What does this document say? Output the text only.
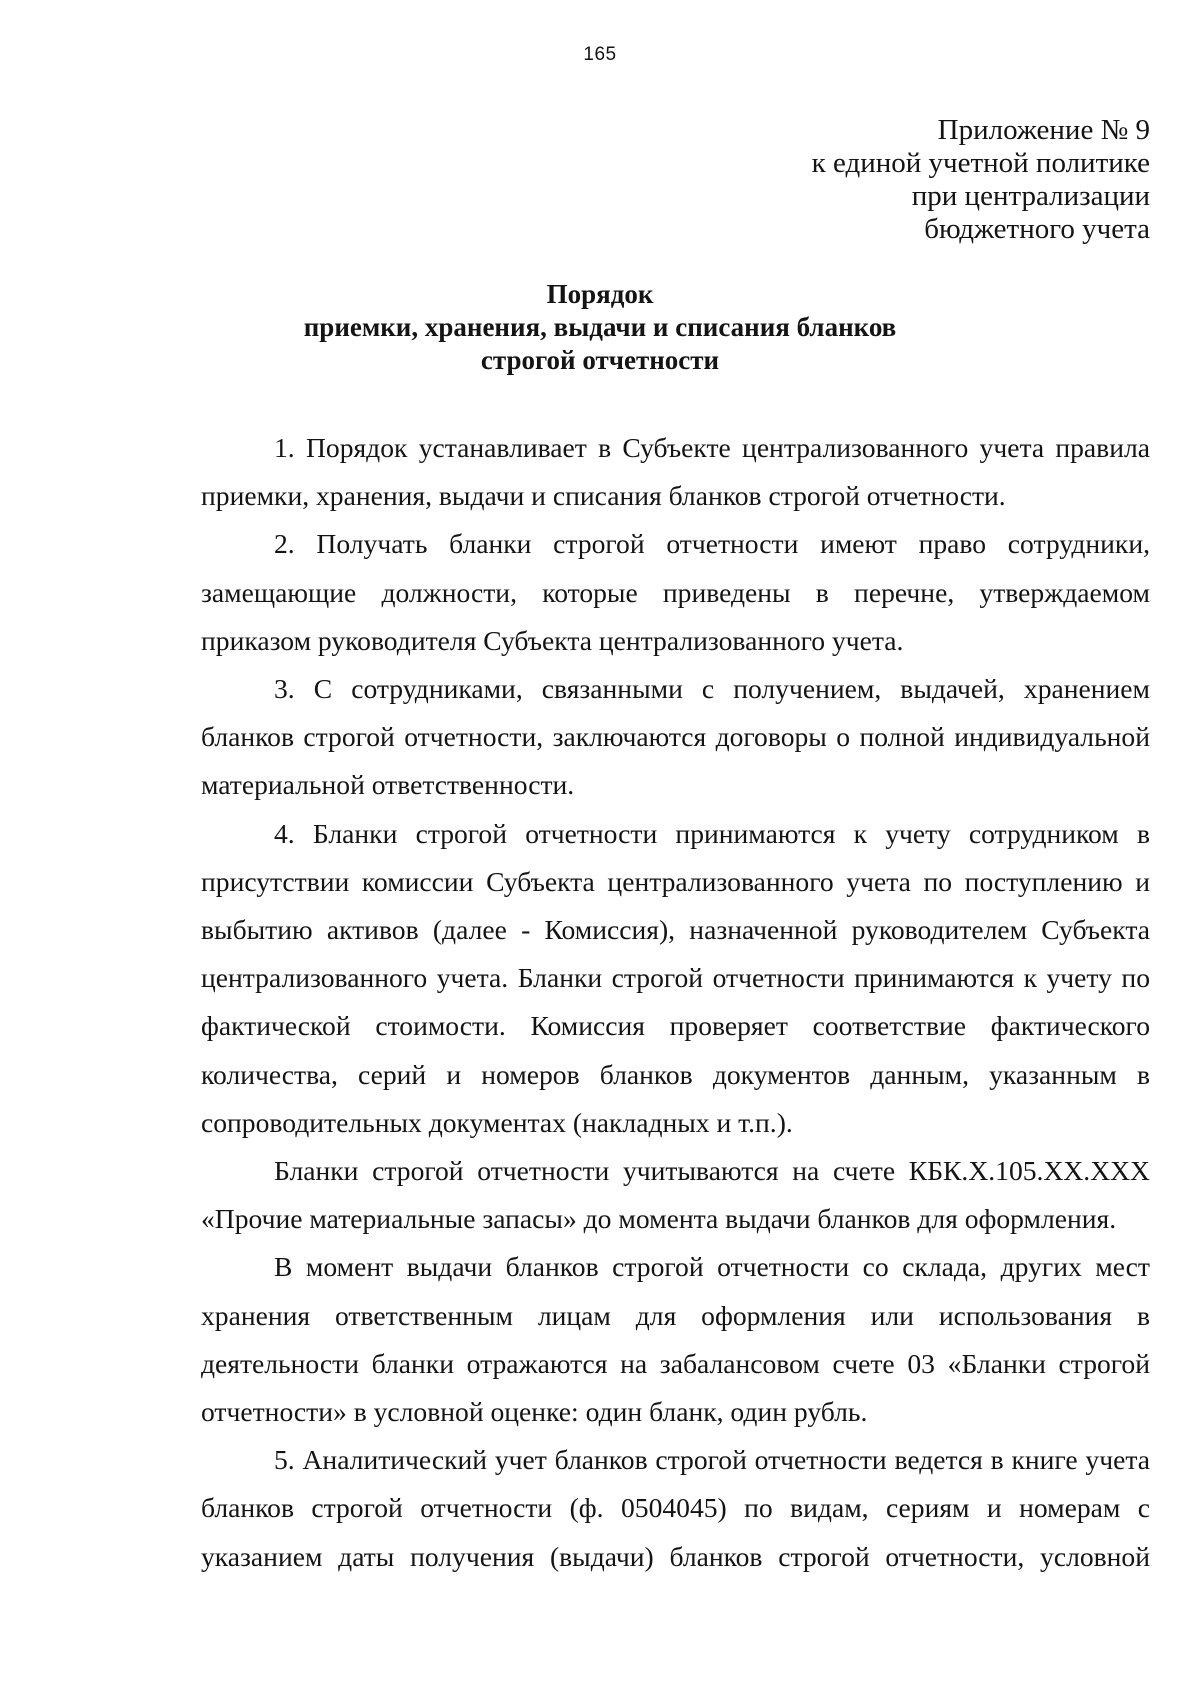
165
Приложение № 9
к единой учетной политике
при централизации
бюджетного учета
Порядок
приемки, хранения, выдачи и списания бланков
строгой отчетности

1. Порядок устанавливает в Субъекте централизованного учета правила приемки, хранения, выдачи и списания бланков строгой отчетности.

2. Получать бланки строгой отчетности имеют право сотрудники, замещающие должности, которые приведены в перечне, утверждаемом приказом руководителя Субъекта централизованного учета.

3. С сотрудниками, связанными с получением, выдачей, хранением бланков строгой отчетности, заключаются договоры о полной индивидуальной материальной ответственности.

4. Бланки строгой отчетности принимаются к учету сотрудником в присутствии комиссии Субъекта централизованного учета по поступлению и выбытию активов (далее - Комиссия), назначенной руководителем Субъекта централизованного учета. Бланки строгой отчетности принимаются к учету по фактической стоимости. Комиссия проверяет соответствие фактического количества, серий и номеров бланков документов данным, указанным в сопроводительных документах (накладных и т.п.).

Бланки строгой отчетности учитываются на счете КБК.Х.105.ХХ.ХХХ «Прочие материальные запасы» до момента выдачи бланков для оформления.

В момент выдачи бланков строгой отчетности со склада, других мест хранения ответственным лицам для оформления или использования в деятельности бланки отражаются на забалансовом счете 03 «Бланки строгой отчетности» в условной оценке: один бланк, один рубль.

5. Аналитический учет бланков строгой отчетности ведется в книге учета бланков строгой отчетности (ф. 0504045) по видам, сериям и номерам с указанием даты получения (выдачи) бланков строгой отчетности, условной
